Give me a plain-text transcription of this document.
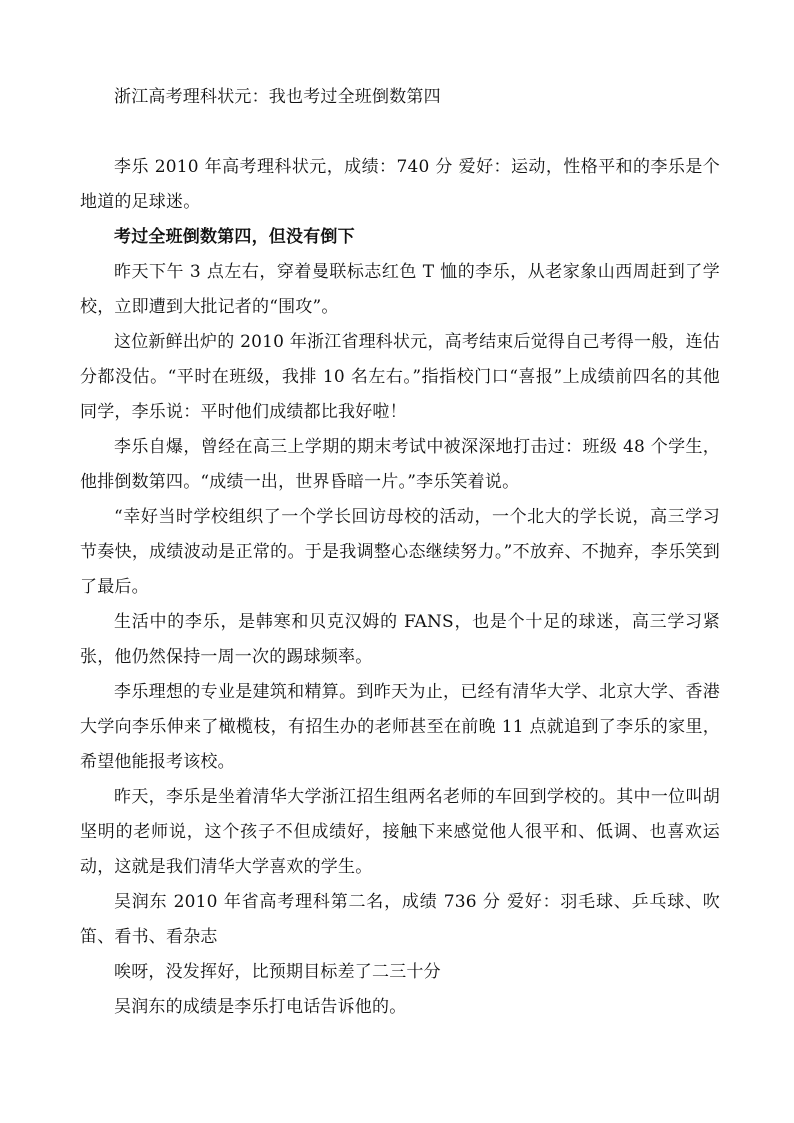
浙江高考理科状元：我也考过全班倒数第四

李乐 2010 年高考理科状元，成绩：740 分 爱好：运动，性格平和的李乐是个地道的足球迷。

考过全班倒数第四，但没有倒下

昨天下午 3 点左右，穿着曼联标志红色 T 恤的李乐，从老家象山西周赶到了学校，立即遭到大批记者的“围攻”。

这位新鲜出炉的 2010 年浙江省理科状元，高考结束后觉得自己考得一般，连估分都没估。“平时在班级，我排 10 名左右。”指指校门口“喜报”上成绩前四名的其他同学，李乐说：平时他们成绩都比我好啦！

李乐自爆，曾经在高三上学期的期末考试中被深深地打击过：班级 48 个学生，他排倒数第四。“成绩一出，世界昏暗一片。”李乐笑着说。

“幸好当时学校组织了一个学长回访母校的活动，一个北大的学长说，高三学习节奏快，成绩波动是正常的。于是我调整心态继续努力。”不放弃、不抛弃，李乐笑到了最后。

生活中的李乐，是韩寒和贝克汉姆的 FANS，也是个十足的球迷，高三学习紧张，他仍然保持一周一次的踢球频率。

李乐理想的专业是建筑和精算。到昨天为止，已经有清华大学、北京大学、香港大学向李乐伸来了橄榄枝，有招生办的老师甚至在前晚 11 点就追到了李乐的家里，希望他能报考该校。

昨天，李乐是坐着清华大学浙江招生组两名老师的车回到学校的。其中一位叫胡坚明的老师说，这个孩子不但成绩好，接触下来感觉他人很平和、低调、也喜欢运动，这就是我们清华大学喜欢的学生。

吴润东 2010 年省高考理科第二名，成绩 736 分 爱好：羽毛球、乒乓球、吹笛、看书、看杂志

唉呀，没发挥好，比预期目标差了二三十分

吴润东的成绩是李乐打电话告诉他的。
